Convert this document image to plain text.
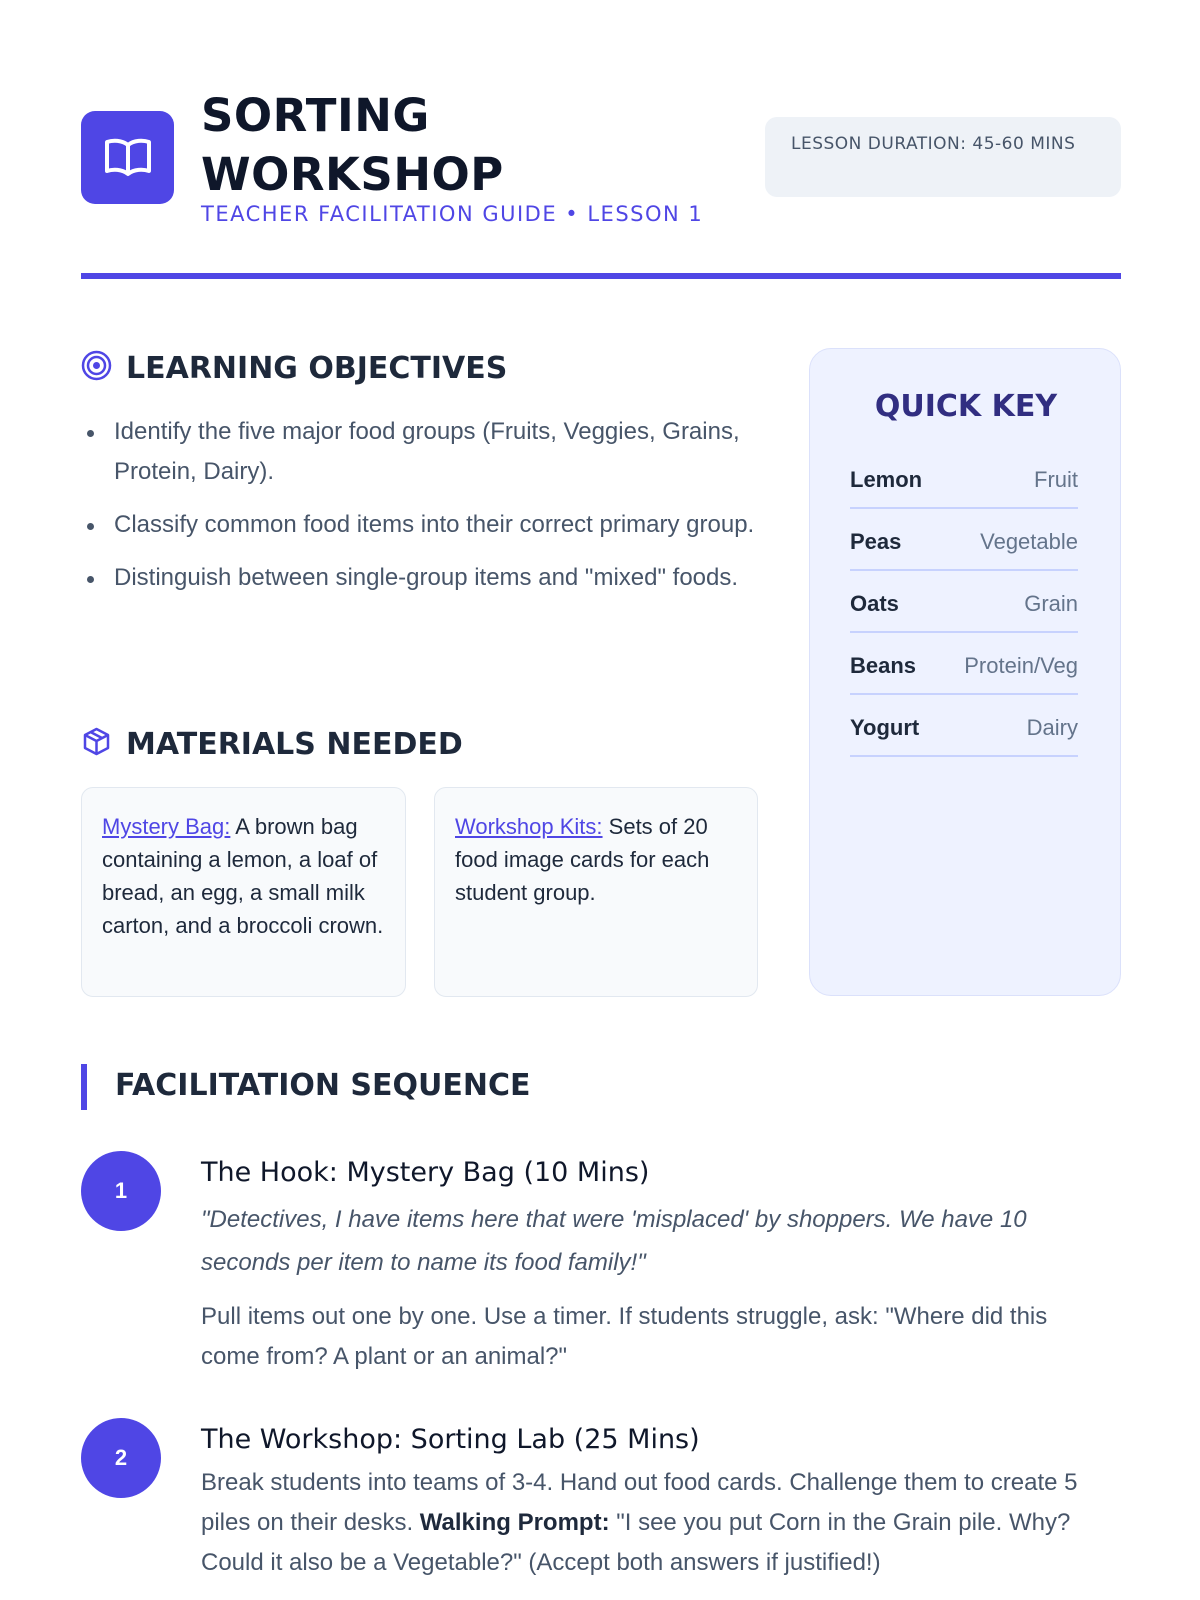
SORTING
WORKSHOP
TEACHER FACILITATION GUIDE • LESSON 1
LESSON DURATION: 45-60 MINS
LEARNING OBJECTIVES
Identify the five major food groups (Fruits, Veggies, Grains, Protein, Dairy).
Classify common food items into their correct primary group.
Distinguish between single-group items and "mixed" foods.
MATERIALS NEEDED
Mystery Bag: A brown bag containing a lemon, a loaf of bread, an egg, a small milk carton, and a broccoli crown.
Workshop Kits: Sets of 20 food image cards for each student group.
QUICK KEY
Lemon	Fruit
Peas	Vegetable
Oats	Grain
Beans Protein/Veg
Yogurt	Dairy
FACILITATION SEQUENCE
1
The Hook: Mystery Bag (10 Mins)
"Detectives, I have items here that were 'misplaced' by shoppers. We have 10 seconds per item to name its food family!"
Pull items out one by one. Use a timer. If students struggle, ask: "Where did this come from? A plant or an animal?"
2
The Workshop: Sorting Lab (25 Mins)
Break students into teams of 3-4. Hand out food cards. Challenge them to create 5 piles on their desks. Walking Prompt: "I see you put Corn in the Grain pile. Why? Could it also be a Vegetable?" (Accept both answers if justified!)
